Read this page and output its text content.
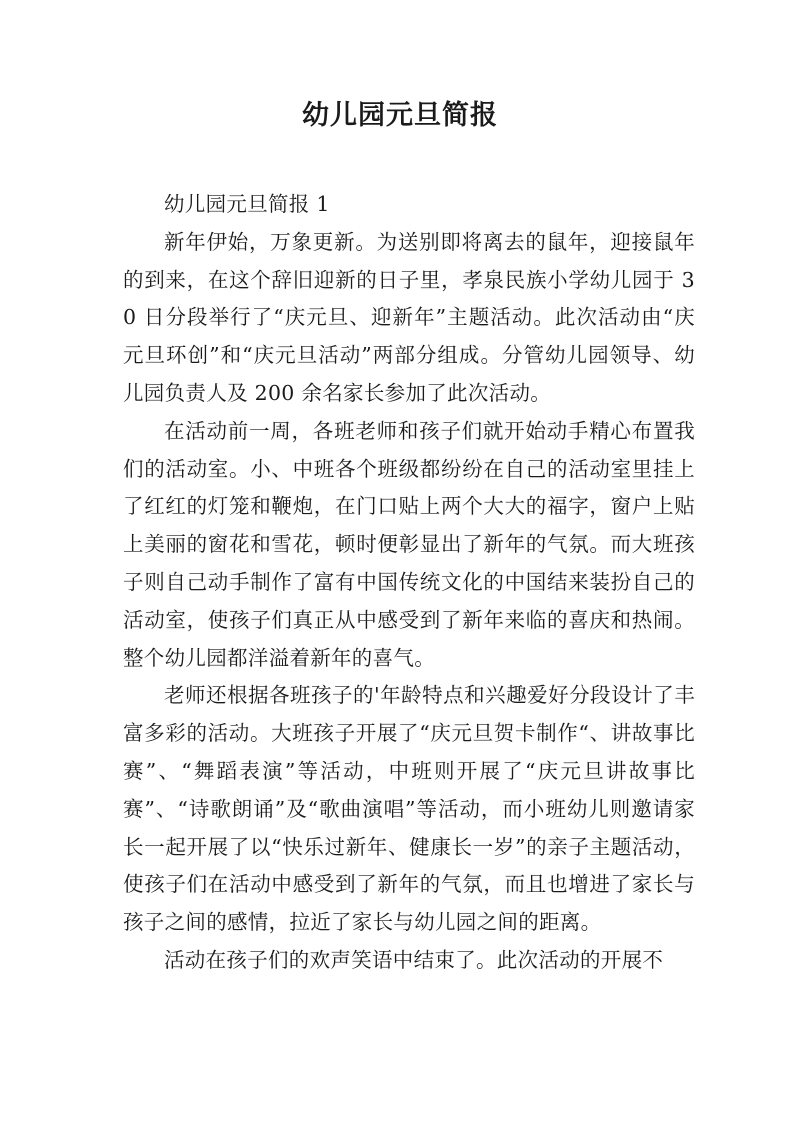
幼儿园元旦简报

幼儿园元旦简报 1

新年伊始，万象更新。为送别即将离去的鼠年，迎接鼠年的到来，在这个辞旧迎新的日子里，孝泉民族小学幼儿园于 30 日分段举行了“庆元旦、迎新年”主题活动。此次活动由“庆元旦环创”和“庆元旦活动”两部分组成。分管幼儿园领导、幼儿园负责人及 200 余名家长参加了此次活动。

在活动前一周，各班老师和孩子们就开始动手精心布置我们的活动室。小、中班各个班级都纷纷在自己的活动室里挂上了红红的灯笼和鞭炮，在门口贴上两个大大的福字，窗户上贴上美丽的窗花和雪花，顿时便彰显出了新年的气氛。而大班孩子则自己动手制作了富有中国传统文化的中国结来装扮自己的活动室，使孩子们真正从中感受到了新年来临的喜庆和热闹。整个幼儿园都洋溢着新年的喜气。

老师还根据各班孩子的'年龄特点和兴趣爱好分段设计了丰富多彩的活动。大班孩子开展了“庆元旦贺卡制作“、讲故事比赛”、“舞蹈表演”等活动，中班则开展了“庆元旦讲故事比赛”、“诗歌朗诵”及“歌曲演唱”等活动，而小班幼儿则邀请家长一起开展了以“快乐过新年、健康长一岁”的亲子主题活动，使孩子们在活动中感受到了新年的气氛，而且也增进了家长与孩子之间的感情，拉近了家长与幼儿园之间的距离。

活动在孩子们的欢声笑语中结束了。此次活动的开展不
